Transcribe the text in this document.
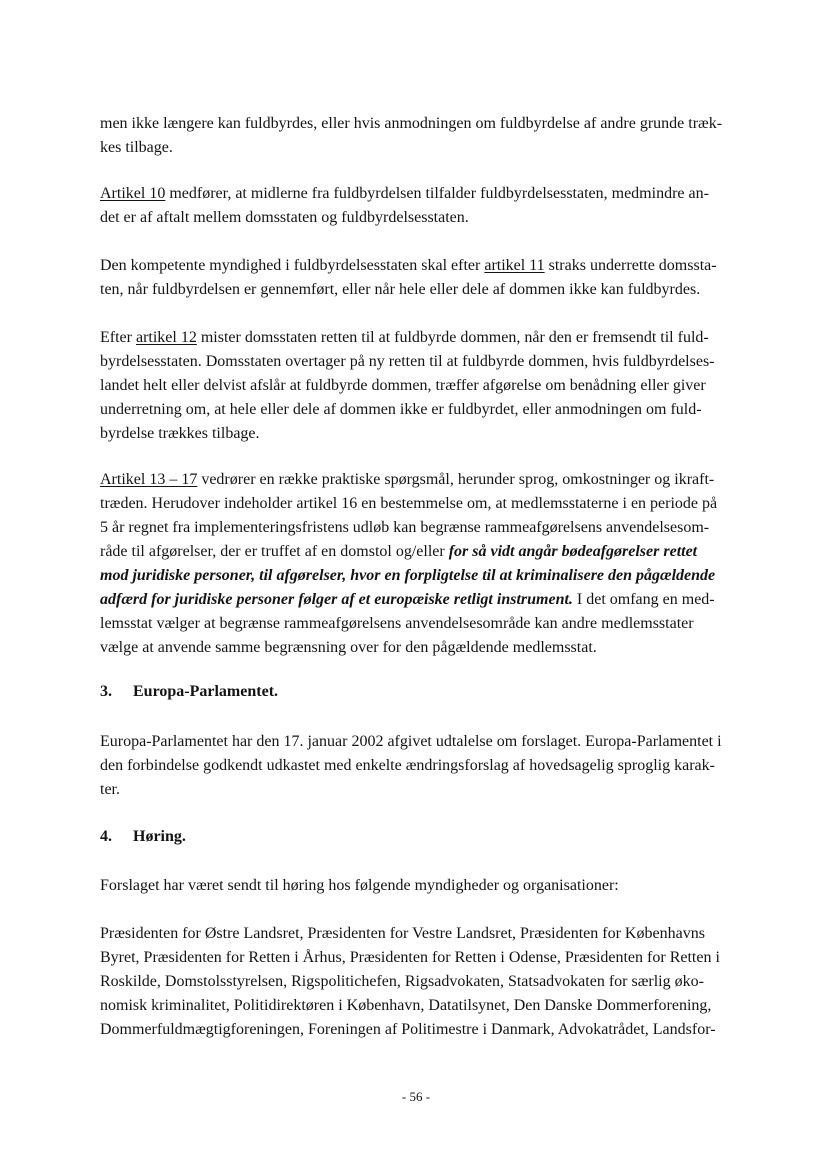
men ikke længere kan fuldbyrdes, eller hvis anmodningen om fuldbyrdelse af andre grunde træk-
kes tilbage.

Artikel 10 medfører, at midlerne fra fuldbyrdelsen tilfalder fuldbyrdelsesstaten, medmindre an-
det er af aftalt mellem domsstaten og fuldbyrdelsesstaten.

Den kompetente myndighed i fuldbyrdelsesstaten skal efter artikel 11 straks underrette domssta-
ten, når fuldbyrdelsen er gennemført, eller når hele eller dele af dommen ikke kan fuldbyrdes.

Efter artikel 12 mister domsstaten retten til at fuldbyrde dommen, når den er fremsendt til fuld-
byrdelsesstaten. Domsstaten overtager på ny retten til at fuldbyrde dommen, hvis fuldbyrdelses-
landet helt eller delvist afslår at fuldbyrde dommen, træffer afgørelse om benådning eller giver
underretning om, at hele eller dele af dommen ikke er fuldbyrdet, eller anmodningen om fuld-
byrdelse trækkes tilbage.

Artikel 13 – 17 vedrører en række praktiske spørgsmål, herunder sprog, omkostninger og ikraft-
træden. Herudover indeholder artikel 16 en bestemmelse om, at medlemsstaterne i en periode på
5 år regnet fra implementeringsfristens udløb kan begrænse rammeafgørelsens anvendelsesom-
råde til afgørelser, der er truffet af en domstol og/eller for så vidt angår bødeafgørelser rettet
mod juridiske personer, til afgørelser, hvor en forpligtelse til at kriminalisere den pågældende
adfærd for juridiske personer følger af et europæiske retligt instrument. I det omfang en med-
lemsstat vælger at begrænse rammeafgørelsens anvendelsesområde kan andre medlemsstater
vælge at anvende samme begrænsning over for den pågældende medlemsstat.

3. Europa-Parlamentet.

Europa-Parlamentet har den 17. januar 2002 afgivet udtalelse om forslaget. Europa-Parlamentet i
den forbindelse godkendt udkastet med enkelte ændringsforslag af hovedsagelig sproglig karak-
ter.

4. Høring.

Forslaget har været sendt til høring hos følgende myndigheder og organisationer:

Præsidenten for Østre Landsret, Præsidenten for Vestre Landsret, Præsidenten for Københavns
Byret, Præsidenten for Retten i Århus, Præsidenten for Retten i Odense, Præsidenten for Retten i
Roskilde, Domstolsstyrelsen, Rigspolitichefen, Rigsadvokaten, Statsadvokaten for særlig øko-
nomisk kriminalitet, Politidirektøren i København, Datatilsynet, Den Danske Dommerforening,
Dommerfuldmægtigforeningen, Foreningen af Politimestre i Danmark, Advokatrådet, Landsfor-

- 56 -
